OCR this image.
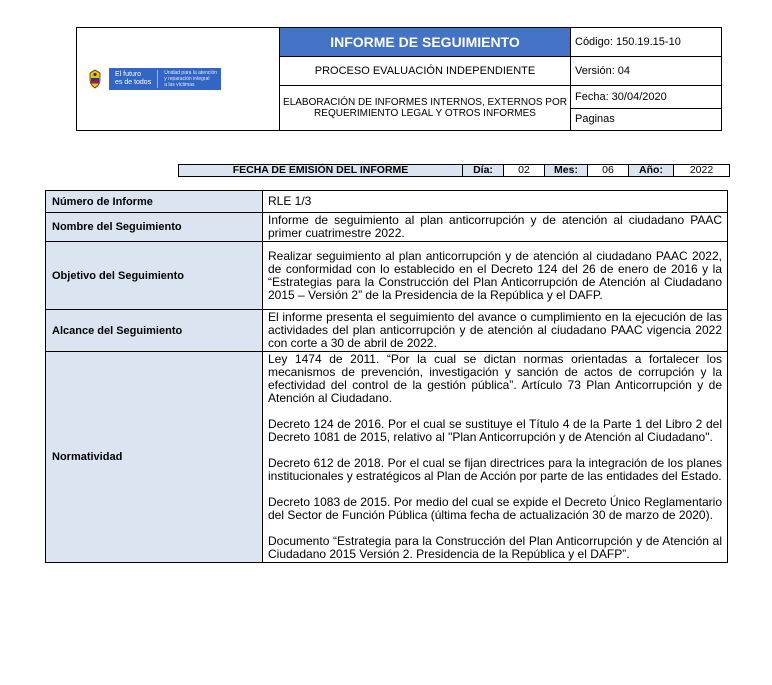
El futuro
es de todos
Unidad para la atención
y reparación integral
a las víctimas	INFORME DE SEGUIMIENTO	Código: 150.19.15-10
	PROCESO EVALUACIÓN INDEPENDIENTE	Versión: 04
	ELABORACIÓN DE INFORMES INTERNOS, EXTERNOS POR REQUERIMIENTO LEGAL Y OTROS INFORMES	Fecha: 30/04/2020
		Paginas
FECHA DE EMISIÓN DEL INFORME	Día:	02	Mes:	06	Año:	2022
Número de Informe	RLE 1/3
Nombre del Seguimiento	Informe de seguimiento al plan anticorrupción y de atención al ciudadano PAAC primer cuatrimestre 2022.
Objetivo del Seguimiento	Realizar seguimiento al plan anticorrupción y de atención al ciudadano PAAC 2022, de conformidad con lo establecido en el Decreto 124 del 26 de enero de 2016 y la “Estrategias para la Construcción del Plan Anticorrupción de Atención al Ciudadano 2015 – Versión 2” de la Presidencia de la República y el DAFP.
Alcance del Seguimiento	El informe presenta el seguimiento del avance o cumplimiento en la ejecución de las actividades del plan anticorrupción y de atención al ciudadano PAAC vigencia 2022 con corte a 30 de abril de 2022.
Normatividad	Ley 1474 de 2011. “Por la cual se dictan normas orientadas a fortalecer los mecanismos de prevención, investigación y sanción de actos de corrupción y la efectividad del control de la gestión pública”. Artículo 73 Plan Anticorrupción y de Atención al Ciudadano.

Decreto 124 de 2016. Por el cual se sustituye el Título 4 de la Parte 1 del Libro 2 del Decreto 1081 de 2015, relativo al "Plan Anticorrupción y de Atención al Ciudadano".

Decreto 612 de 2018. Por el cual se fijan directrices para la integración de los planes institucionales y estratégicos al Plan de Acción por parte de las entidades del Estado.

Decreto 1083 de 2015. Por medio del cual se expide el Decreto Único Reglamentario del Sector de Función Pública (última fecha de actualización 30 de marzo de 2020).

Documento “Estrategia para la Construcción del Plan Anticorrupción y de Atención al Ciudadano 2015 Versión 2. Presidencia de la República y el DAFP”.
